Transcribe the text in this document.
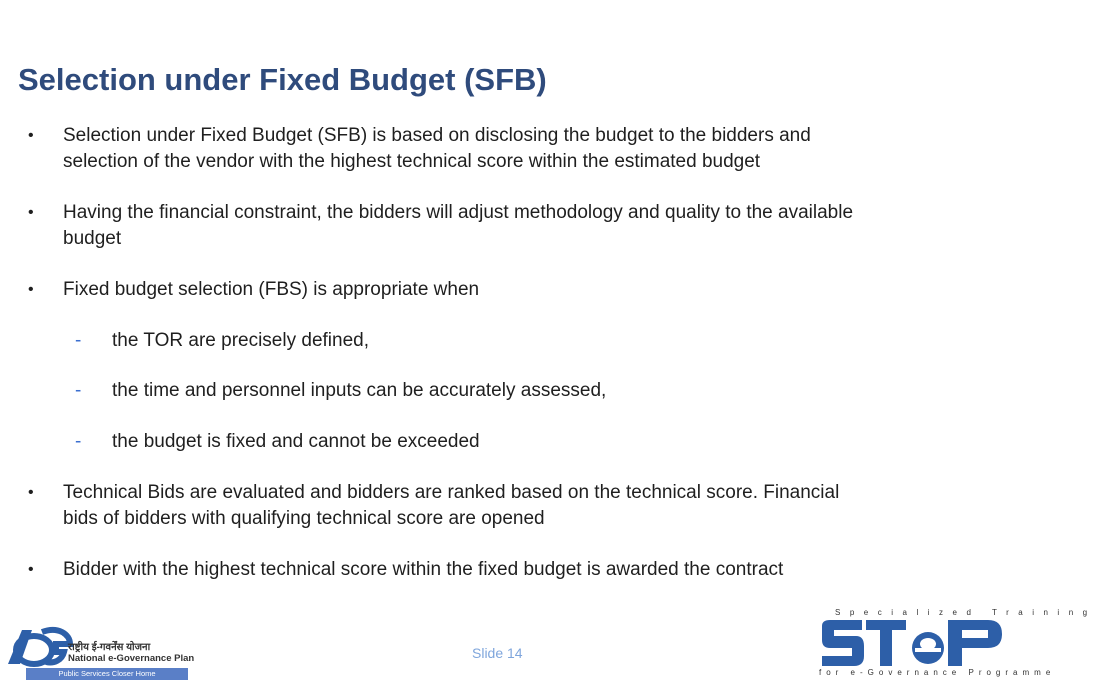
Selection under Fixed Budget (SFB)
• Selection under Fixed Budget (SFB) is based on disclosing the budget to the bidders and
selection of the vendor with the highest technical score within the estimated budget
• Having the financial constraint, the bidders will adjust methodology and quality to the available
budget
• Fixed budget selection (FBS) is appropriate when
- the TOR are precisely defined,
- the time and personnel inputs can be accurately assessed,
- the budget is fixed and cannot be exceeded
• Technical Bids are evaluated and bidders are ranked based on the technical score. Financial
bids of bidders with qualifying technical score are opened
• Bidder with the highest technical score within the fixed budget is awarded the contract
राष्ट्रीय ई-गवर्नेंस योजना
National e-Governance Plan
Public Services Closer Home
Slide 14
Specialized Training
for e-Governance Programme
